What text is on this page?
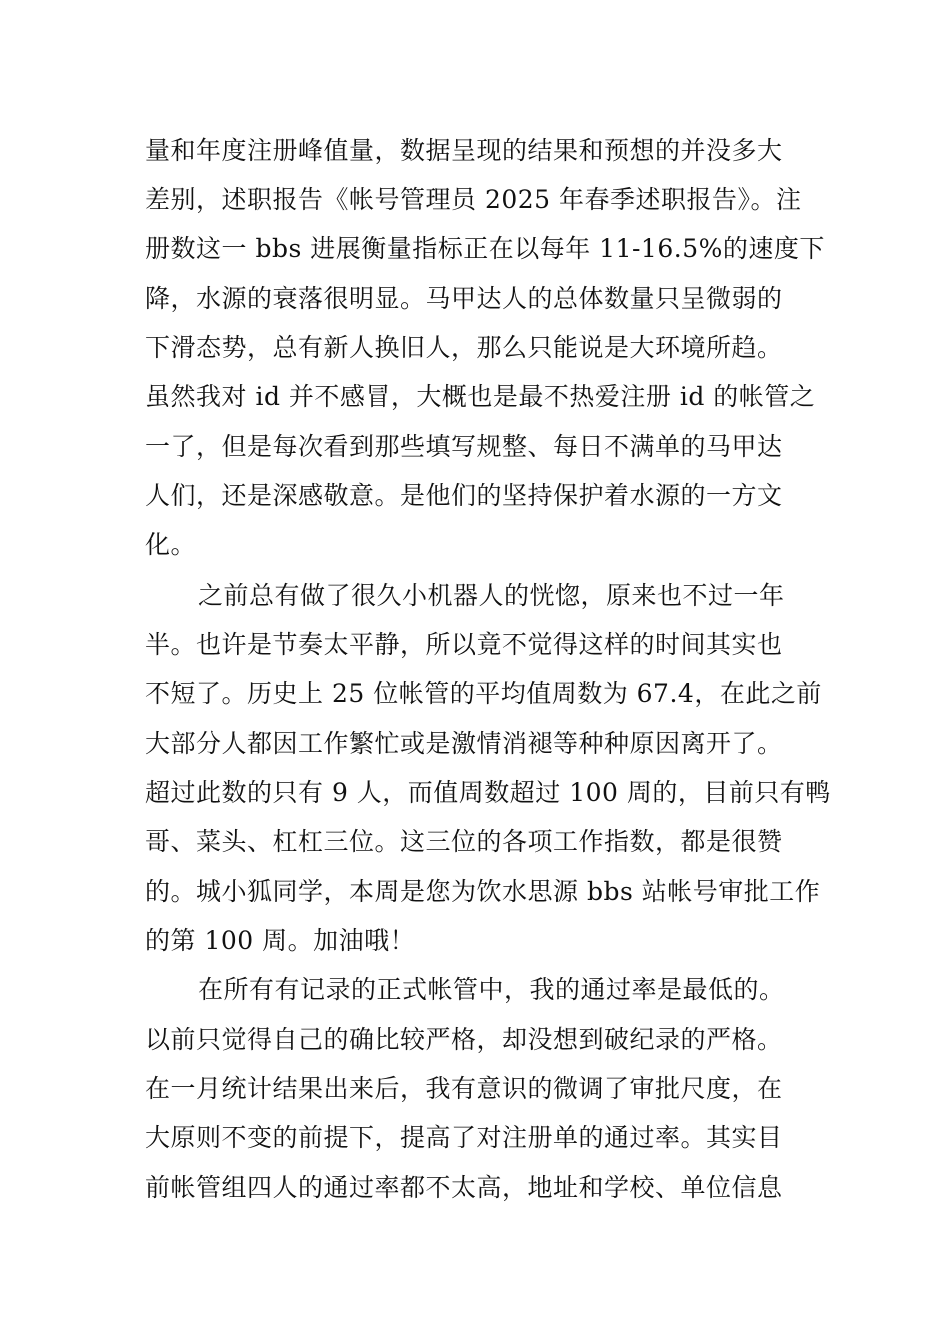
量和年度注册峰值量，数据呈现的结果和预想的并没多大
差别，述职报告《帐号管理员 2025 年春季述职报告》。注
册数这一 bbs 进展衡量指标正在以每年 11-16.5%的速度下
降，水源的衰落很明显。马甲达人的总体数量只呈微弱的
下滑态势，总有新人换旧人，那么只能说是大环境所趋。
虽然我对 id 并不感冒，大概也是最不热爱注册 id 的帐管之
一了，但是每次看到那些填写规整、每日不满单的马甲达
人们，还是深感敬意。是他们的坚持保护着水源的一方文
化。
之前总有做了很久小机器人的恍惚，原来也不过一年
半。也许是节奏太平静，所以竟不觉得这样的时间其实也
不短了。历史上 25 位帐管的平均值周数为 67.4，在此之前
大部分人都因工作繁忙或是激情消褪等种种原因离开了。
超过此数的只有 9 人，而值周数超过 100 周的，目前只有鸭
哥、菜头、杠杠三位。这三位的各项工作指数，都是很赞
的。城小狐同学，本周是您为饮水思源 bbs 站帐号审批工作
的第 100 周。加油哦！
在所有有记录的正式帐管中，我的通过率是最低的。
以前只觉得自己的确比较严格，却没想到破纪录的严格。
在一月统计结果出来后，我有意识的微调了审批尺度，在
大原则不变的前提下，提高了对注册单的通过率。其实目
前帐管组四人的通过率都不太高，地址和学校、单位信息
